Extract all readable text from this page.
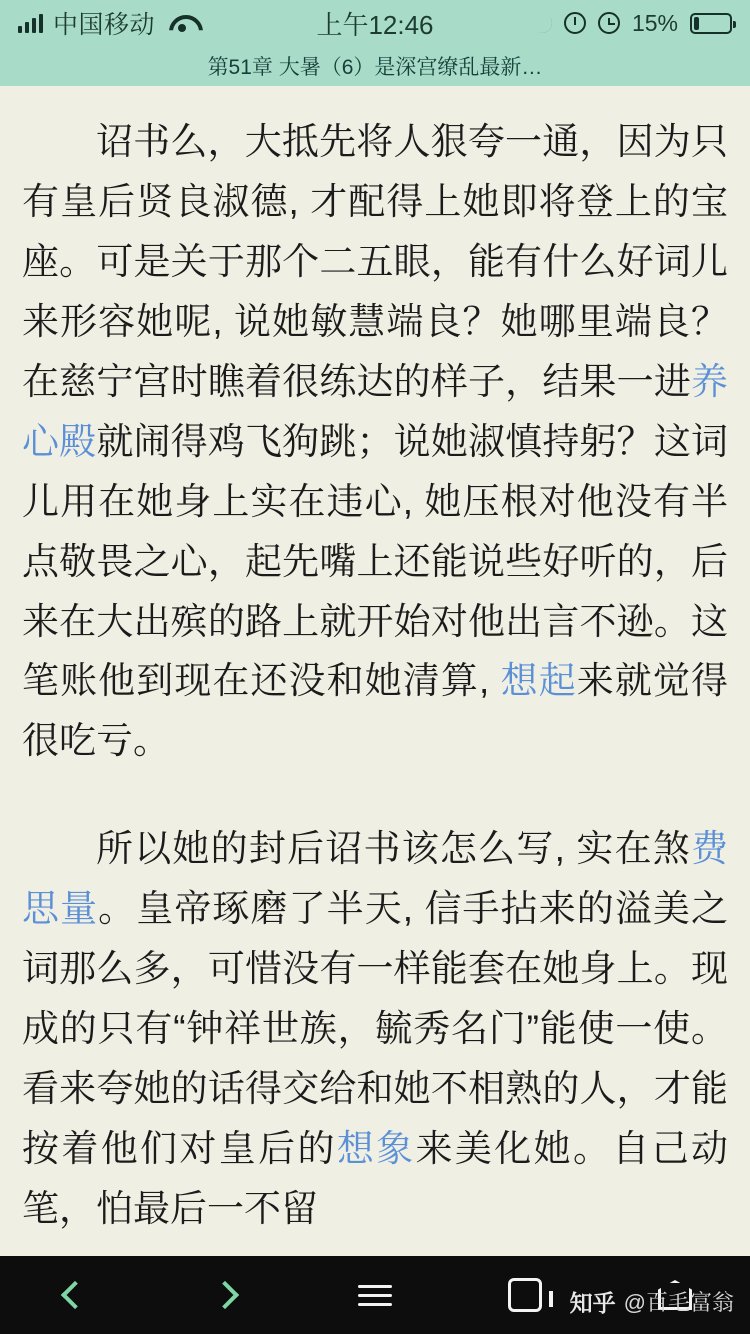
中国移动	上午12:46	15%
第51章 大暑（6）是深宫缭乱最新…

诏书么，大抵先将人狠夸一通，因为只有皇后贤良淑德, 才配得上她即将登上的宝座。可是关于那个二五眼，能有什么好词儿来形容她呢, 说她敏慧端良？她哪里端良？在慈宁宫时瞧着很练达的样子，结果一进养心殿就闹得鸡飞狗跳；说她淑慎持躬？这词儿用在她身上实在违心, 她压根对他没有半点敬畏之心，起先嘴上还能说些好听的，后来在大出殡的路上就开始对他出言不逊。这笔账他到现在还没和她清算, 想起来就觉得很吃亏。

所以她的封后诏书该怎么写, 实在煞费思量。皇帝琢磨了半天, 信手拈来的溢美之词那么多，可惜没有一样能套在她身上。现成的只有“钟祥世族，毓秀名门”能使一使。看来夸她的话得交给和她不相熟的人，才能按着他们对皇后的想象来美化她。自己动笔，怕最后一不留

知乎 @百毛富翁
